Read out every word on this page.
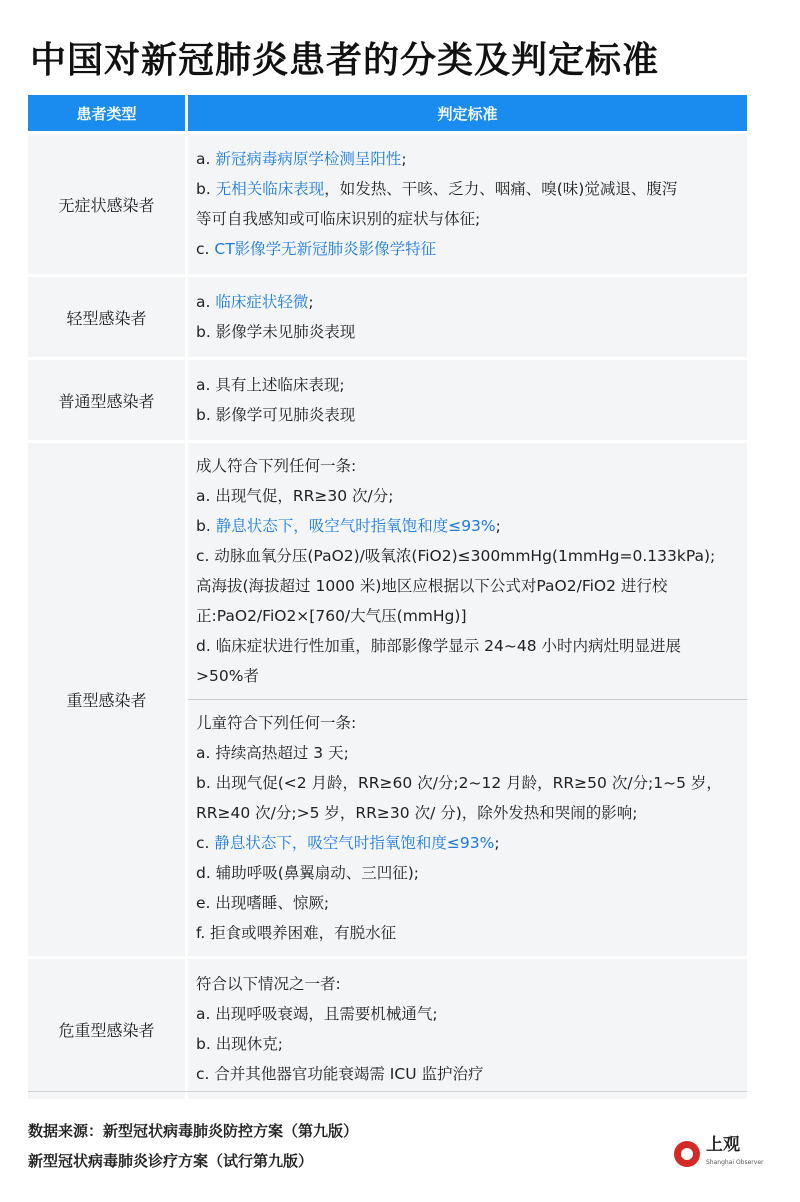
中国对新冠肺炎患者的分类及判定标准
患者类型	判定标准
无症状感染者
a. 新冠病毒病原学检测呈阳性;
b. 无相关临床表现，如发热、干咳、乏力、咽痛、嗅(味)觉减退、腹泻
等可自我感知或可临床识别的症状与体征;
c. CT影像学无新冠肺炎影像学特征
轻型感染者
a. 临床症状轻微;
b. 影像学未见肺炎表现
普通型感染者
a. 具有上述临床表现;
b. 影像学可见肺炎表现
重型感染者
成人符合下列任何一条:
a. 出现气促，RR≥30 次/分;
b. 静息状态下，吸空气时指氧饱和度≤93%;
c. 动脉血氧分压(PaO2)/吸氧浓(FiO2)≤300mmHg(1mmHg=0.133kPa);
高海拔(海拔超过 1000 米)地区应根据以下公式对PaO2/FiO2 进行校
正:PaO2/FiO2×[760/大气压(mmHg)]
d. 临床症状进行性加重，肺部影像学显示 24~48 小时内病灶明显进展
>50%者
儿童符合下列任何一条:
a. 持续高热超过 3 天;
b. 出现气促(<2 月龄，RR≥60 次/分;2~12 月龄，RR≥50 次/分;1~5 岁，
RR≥40 次/分;>5 岁，RR≥30 次/ 分)，除外发热和哭闹的影响;
c. 静息状态下，吸空气时指氧饱和度≤93%;
d. 辅助呼吸(鼻翼扇动、三凹征);
e. 出现嗜睡、惊厥;
f. 拒食或喂养困难，有脱水征
危重型感染者
符合以下情况之一者:
a. 出现呼吸衰竭，且需要机械通气;
b. 出现休克;
c. 合并其他器官功能衰竭需 ICU 监护治疗
数据来源：新型冠状病毒肺炎防控方案（第九版）
新型冠状病毒肺炎诊疗方案（试行第九版）
上观
Shanghai Observer
